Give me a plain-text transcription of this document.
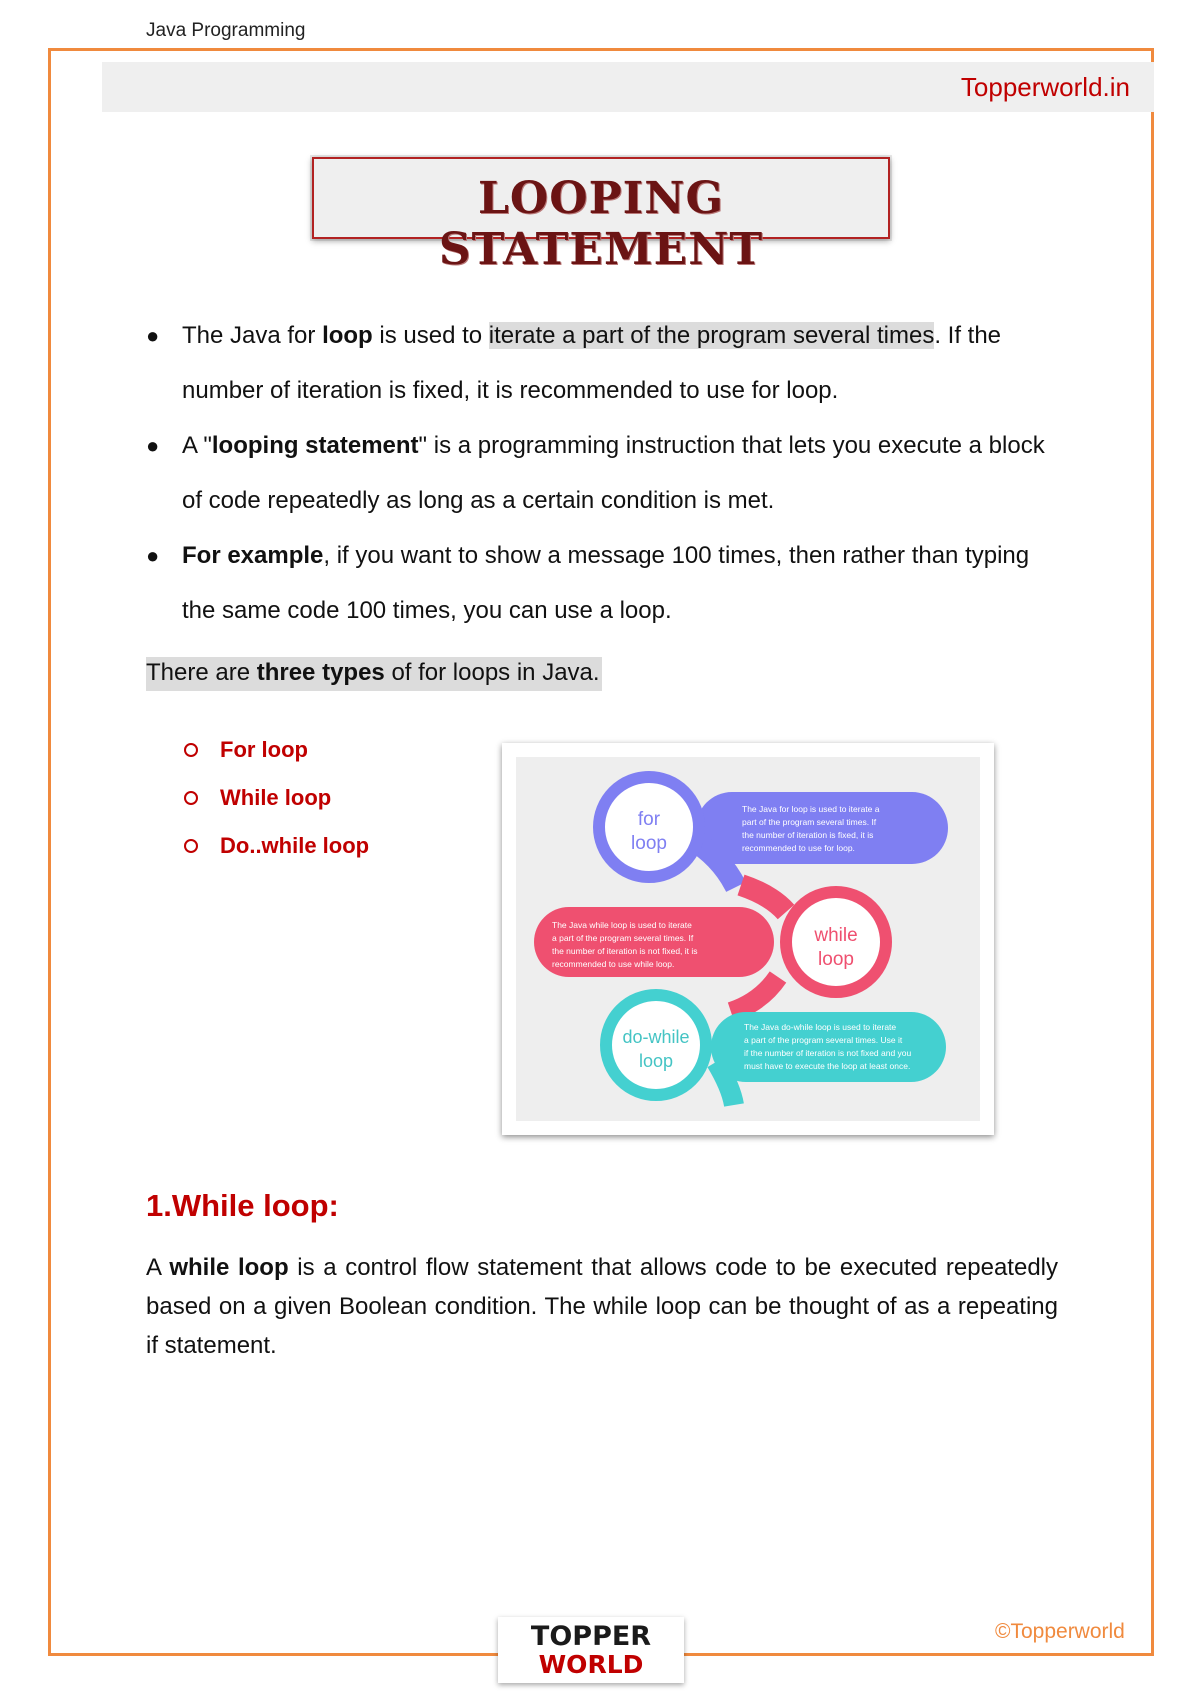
Java Programming
Topperworld.in
LOOPING STATEMENT
● The Java for loop is used to iterate a part of the program several times. If the number of iteration is fixed, it is recommended to use for loop.
● A "looping statement" is a programming instruction that lets you execute a block of code repeatedly as long as a certain condition is met.
● For example, if you want to show a message 100 times, then rather than typing the same code 100 times, you can use a loop.
There are three types of for loops in Java.
For loop
While loop
Do..while loop
for
loop
while
loop
do-while
loop
The Java for loop is used to iterate a
part of the program several times. If
the number of iteration is fixed, it is
recommended to use for loop.
The Java while loop is used to iterate
a part of the program several times. If
the number of iteration is not fixed, it is
recommended to use while loop.
The Java do-while loop is used to iterate
a part of the program several times. Use it
if the number of iteration is not fixed and you
must have to execute the loop at least once.
1.While loop:
A while loop is a control flow statement that allows code to be executed repeatedly based on a given Boolean condition. The while loop can be thought of as a repeating if statement.
TOPPER
WORLD
©Topperworld
